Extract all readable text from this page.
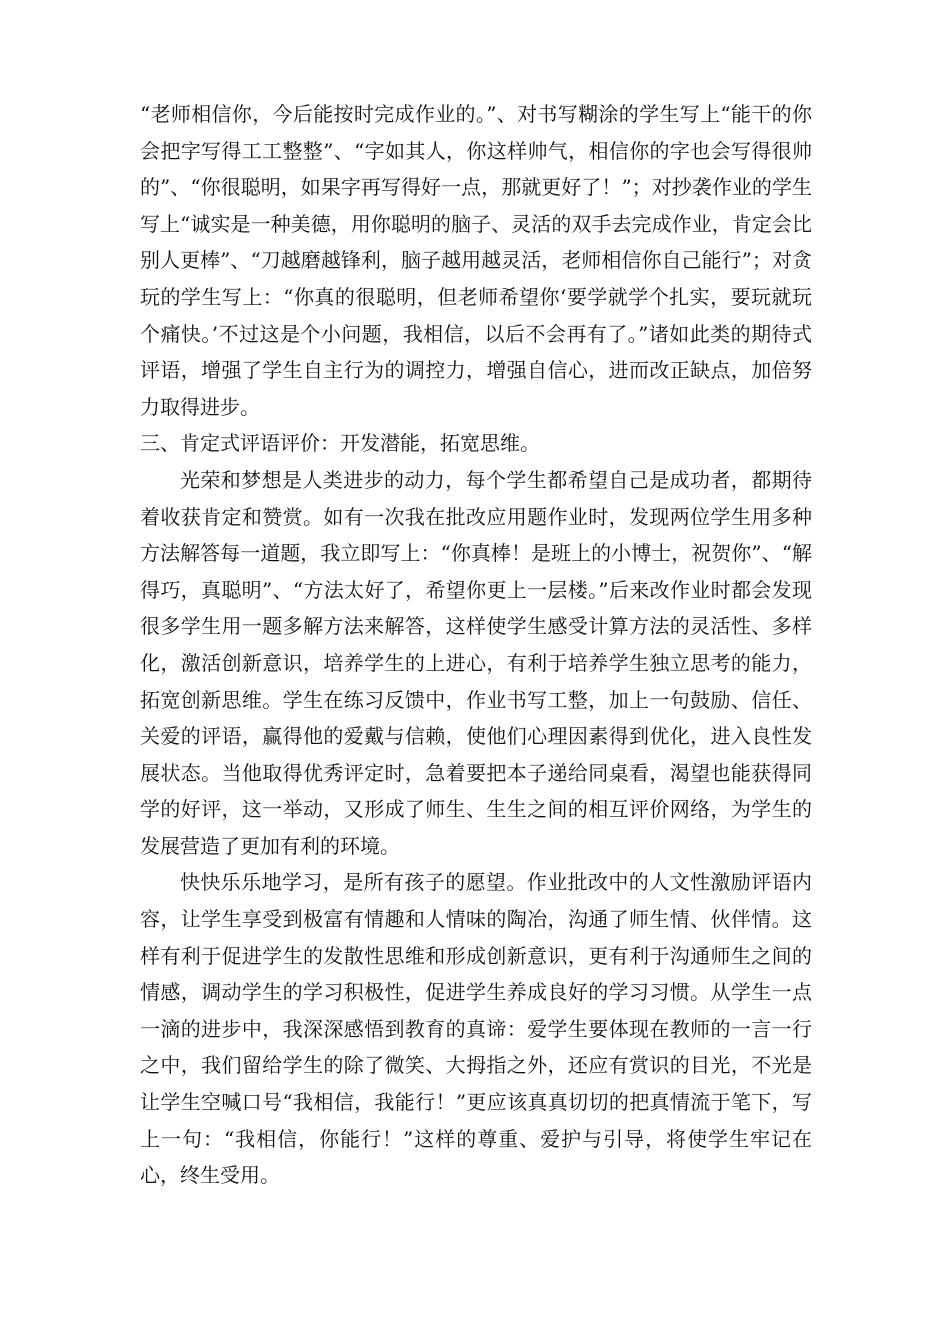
“老师相信你，今后能按时完成作业的。”、对书写糊涂的学生写上“能干的你会把字写得工工整整”、“字如其人，你这样帅气，相信你的字也会写得很帅的”、“你很聪明，如果字再写得好一点，那就更好了！”；对抄袭作业的学生写上“诚实是一种美德，用你聪明的脑子、灵活的双手去完成作业，肯定会比别人更棒”、“刀越磨越锋利，脑子越用越灵活，老师相信你自己能行”；对贪玩的学生写上：“你真的很聪明，但老师希望你‘要学就学个扎实，要玩就玩个痛快。’不过这是个小问题，我相信，以后不会再有了。”诸如此类的期待式评语，增强了学生自主行为的调控力，增强自信心，进而改正缺点，加倍努力取得进步。

三、肯定式评语评价：开发潜能，拓宽思维。

光荣和梦想是人类进步的动力，每个学生都希望自己是成功者，都期待着收获肯定和赞赏。如有一次我在批改应用题作业时，发现两位学生用多种方法解答每一道题，我立即写上：“你真棒！是班上的小博士，祝贺你”、“解得巧，真聪明”、“方法太好了，希望你更上一层楼。”后来改作业时都会发现很多学生用一题多解方法来解答，这样使学生感受计算方法的灵活性、多样化，激活创新意识，培养学生的上进心，有利于培养学生独立思考的能力，拓宽创新思维。学生在练习反馈中，作业书写工整，加上一句鼓励、信任、关爱的评语，赢得他的爱戴与信赖，使他们心理因素得到优化，进入良性发展状态。当他取得优秀评定时，急着要把本子递给同桌看，渴望也能获得同学的好评，这一举动，又形成了师生、生生之间的相互评价网络，为学生的发展营造了更加有利的环境。

快快乐乐地学习，是所有孩子的愿望。作业批改中的人文性激励评语内容，让学生享受到极富有情趣和人情味的陶冶，沟通了师生情、伙伴情。这样有利于促进学生的发散性思维和形成创新意识，更有利于沟通师生之间的情感，调动学生的学习积极性，促进学生养成良好的学习习惯。从学生一点一滴的进步中，我深深感悟到教育的真谛：爱学生要体现在教师的一言一行之中，我们留给学生的除了微笑、大拇指之外，还应有赏识的目光，不光是让学生空喊口号“我相信，我能行！”更应该真真切切的把真情流于笔下，写上一句：“我相信，你能行！”这样的尊重、爱护与引导，将使学生牢记在心，终生受用。
